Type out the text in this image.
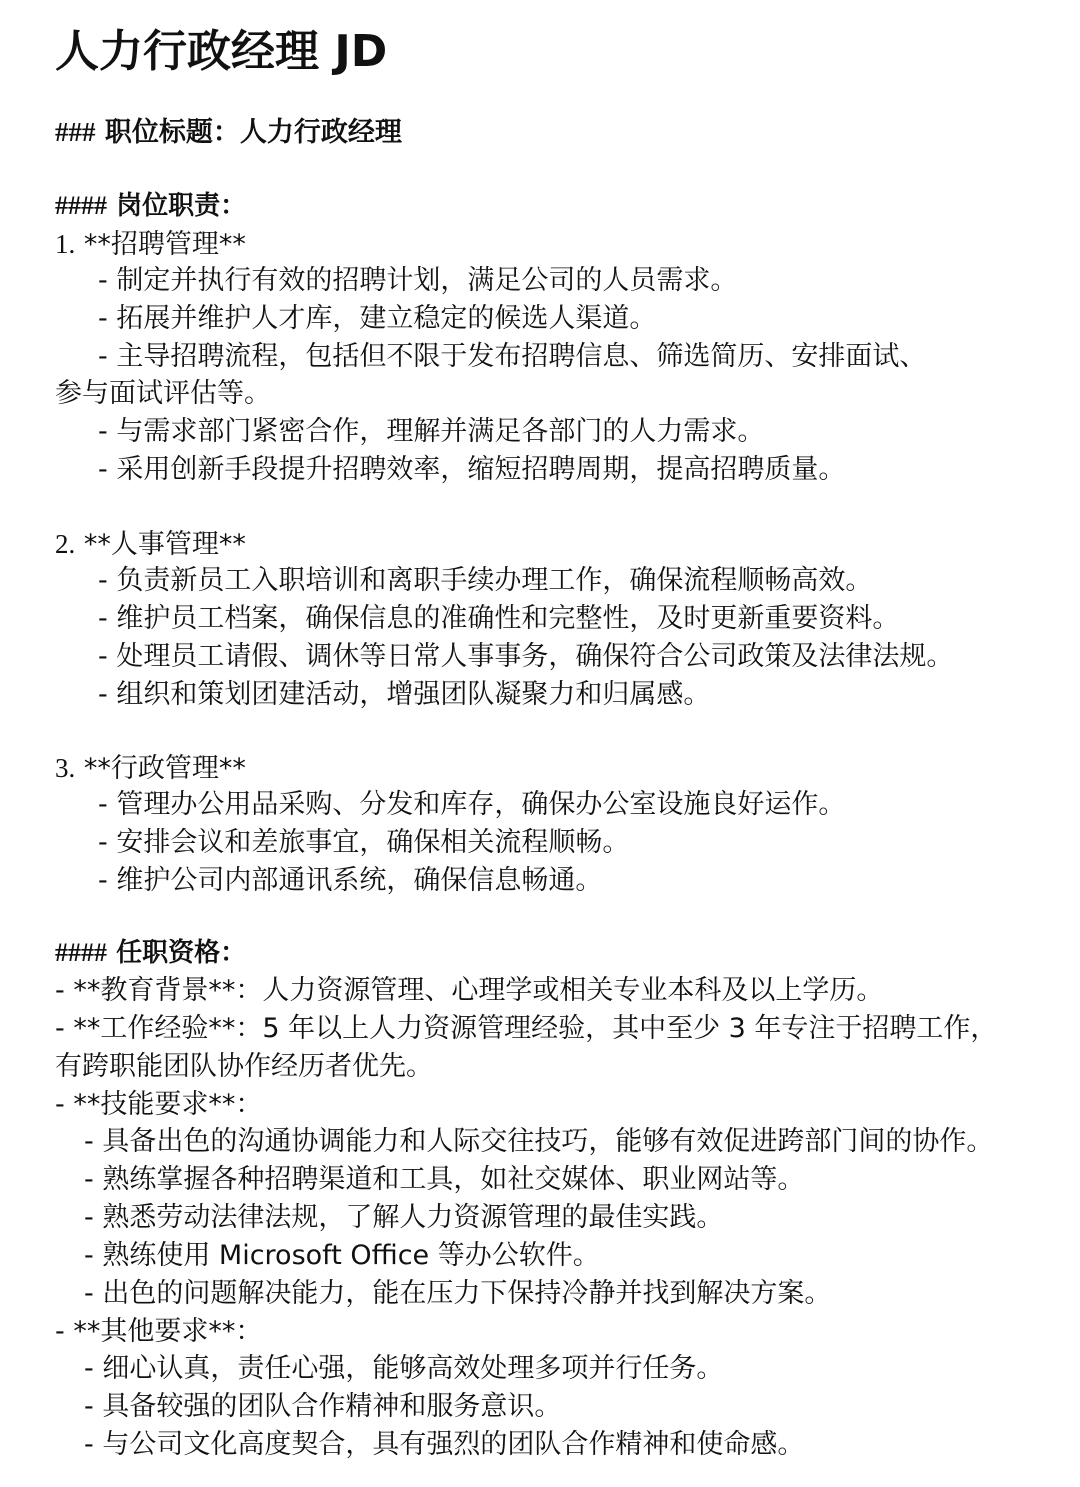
人力行政经理 JD
### 职位标题：人力行政经理
#### 岗位职责：
1. **招聘管理**
- 制定并执行有效的招聘计划，满足公司的人员需求。
- 拓展并维护人才库，建立稳定的候选人渠道。
- 主导招聘流程，包括但不限于发布招聘信息、筛选简历、安排面试、
参与面试评估等。
- 与需求部门紧密合作，理解并满足各部门的人力需求。
- 采用创新手段提升招聘效率，缩短招聘周期，提高招聘质量。
2. **人事管理**
- 负责新员工入职培训和离职手续办理工作，确保流程顺畅高效。
- 维护员工档案，确保信息的准确性和完整性，及时更新重要资料。
- 处理员工请假、调休等日常人事事务，确保符合公司政策及法律法规。
- 组织和策划团建活动，增强团队凝聚力和归属感。
3. **行政管理**
- 管理办公用品采购、分发和库存，确保办公室设施良好运作。
- 安排会议和差旅事宜，确保相关流程顺畅。
- 维护公司内部通讯系统，确保信息畅通。
#### 任职资格：
- **教育背景**：人力资源管理、心理学或相关专业本科及以上学历。
- **工作经验**：5 年以上人力资源管理经验，其中至少 3 年专注于招聘工作，
有跨职能团队协作经历者优先。
- **技能要求**：
- 具备出色的沟通协调能力和人际交往技巧，能够有效促进跨部门间的协作。
- 熟练掌握各种招聘渠道和工具，如社交媒体、职业网站等。
- 熟悉劳动法律法规，了解人力资源管理的最佳实践。
- 熟练使用 Microsoft Office 等办公软件。
- 出色的问题解决能力，能在压力下保持冷静并找到解决方案。
- **其他要求**：
- 细心认真，责任心强，能够高效处理多项并行任务。
- 具备较强的团队合作精神和服务意识。
- 与公司文化高度契合，具有强烈的团队合作精神和使命感。
